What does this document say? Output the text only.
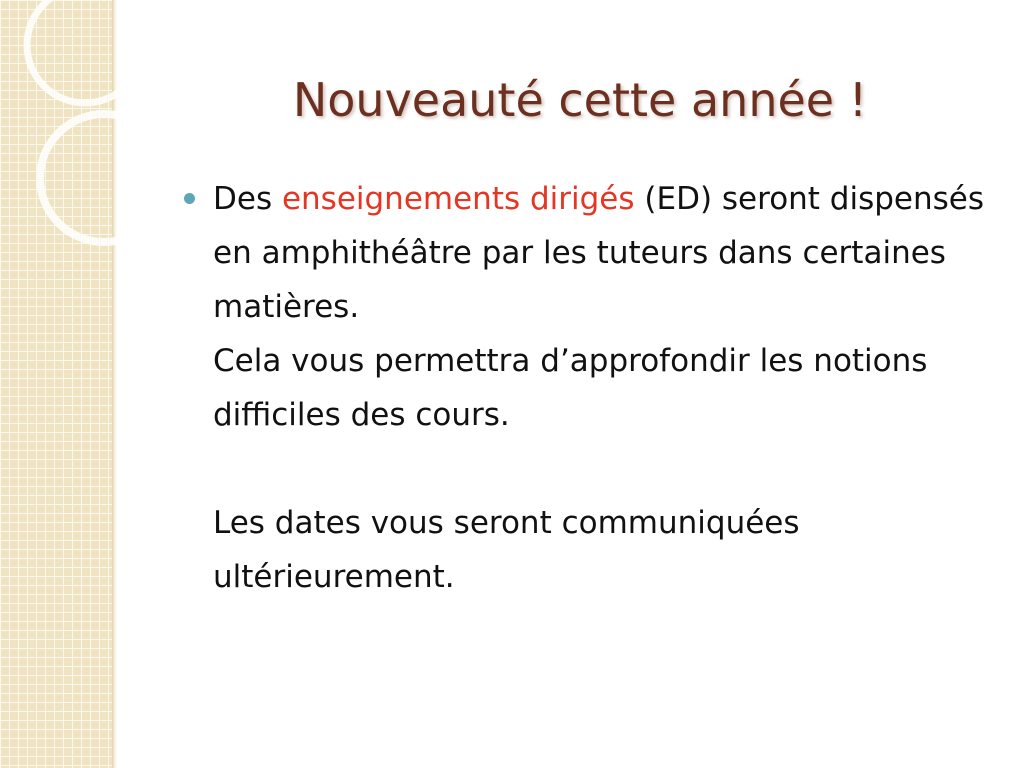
Nouveauté cette année !

Des enseignements dirigés (ED) seront dispensés en amphithéâtre par les tuteurs dans certaines matières.

Cela vous permettra d’approfondir les notions difficiles des cours.

Les dates vous seront communiquées ultérieurement.
